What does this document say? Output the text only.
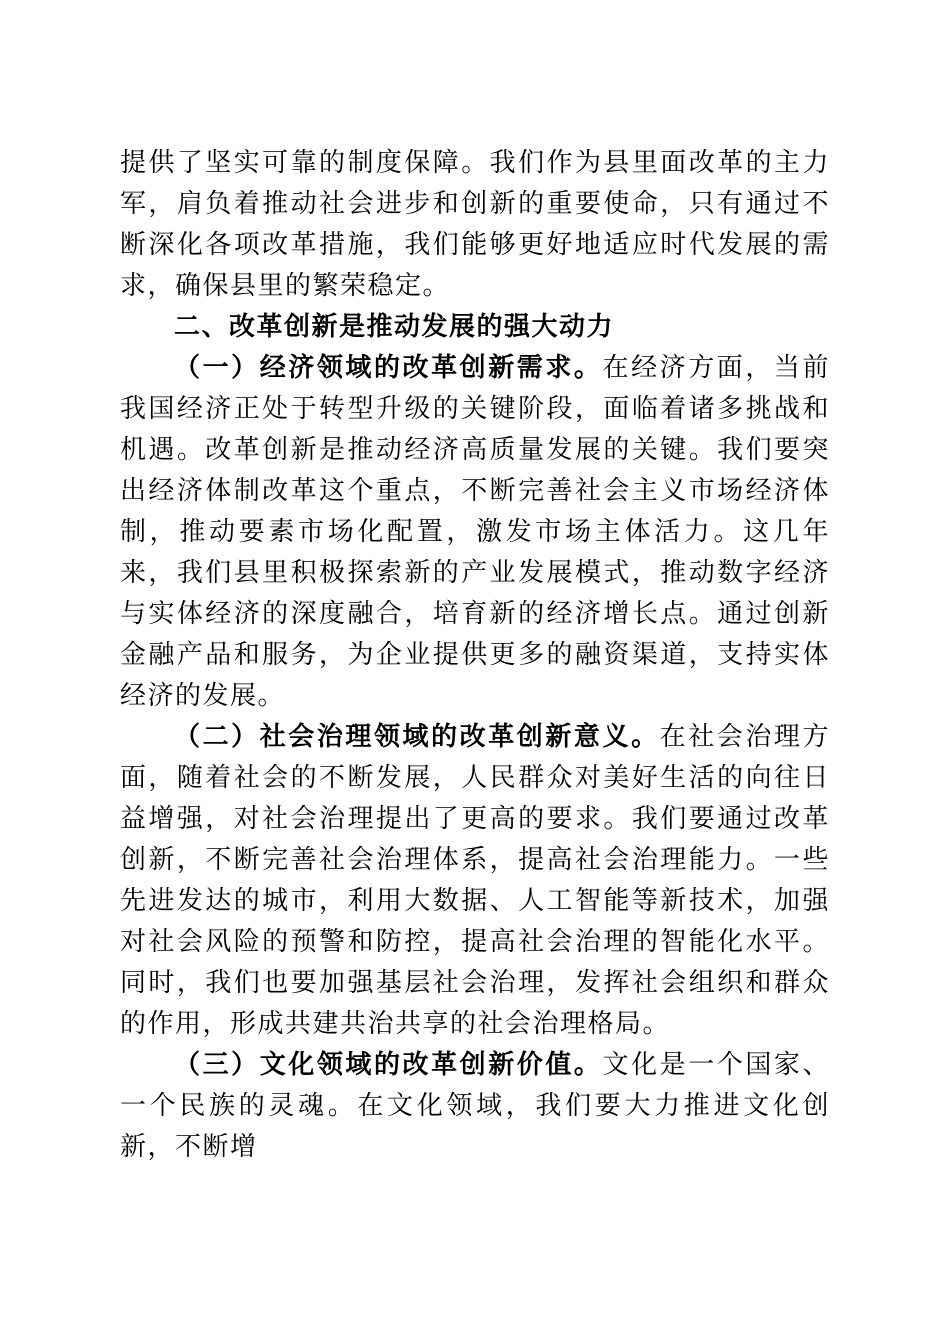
提供了坚实可靠的制度保障。我们作为县里面改革的主力军，肩负着推动社会进步和创新的重要使命，只有通过不断深化各项改革措施，我们能够更好地适应时代发展的需求，确保县里的繁荣稳定。

二、改革创新是推动发展的强大动力

（一）经济领域的改革创新需求。在经济方面，当前我国经济正处于转型升级的关键阶段，面临着诸多挑战和机遇。改革创新是推动经济高质量发展的关键。我们要突出经济体制改革这个重点，不断完善社会主义市场经济体制，推动要素市场化配置，激发市场主体活力。这几年来，我们县里积极探索新的产业发展模式，推动数字经济与实体经济的深度融合，培育新的经济增长点。通过创新金融产品和服务，为企业提供更多的融资渠道，支持实体经济的发展。

（二）社会治理领域的改革创新意义。在社会治理方面，随着社会的不断发展，人民群众对美好生活的向往日益增强，对社会治理提出了更高的要求。我们要通过改革创新，不断完善社会治理体系，提高社会治理能力。一些先进发达的城市，利用大数据、人工智能等新技术，加强对社会风险的预警和防控，提高社会治理的智能化水平。同时，我们也要加强基层社会治理，发挥社会组织和群众的作用，形成共建共治共享的社会治理格局。

（三）文化领域的改革创新价值。文化是一个国家、一个民族的灵魂。在文化领域，我们要大力推进文化创新，不断增
